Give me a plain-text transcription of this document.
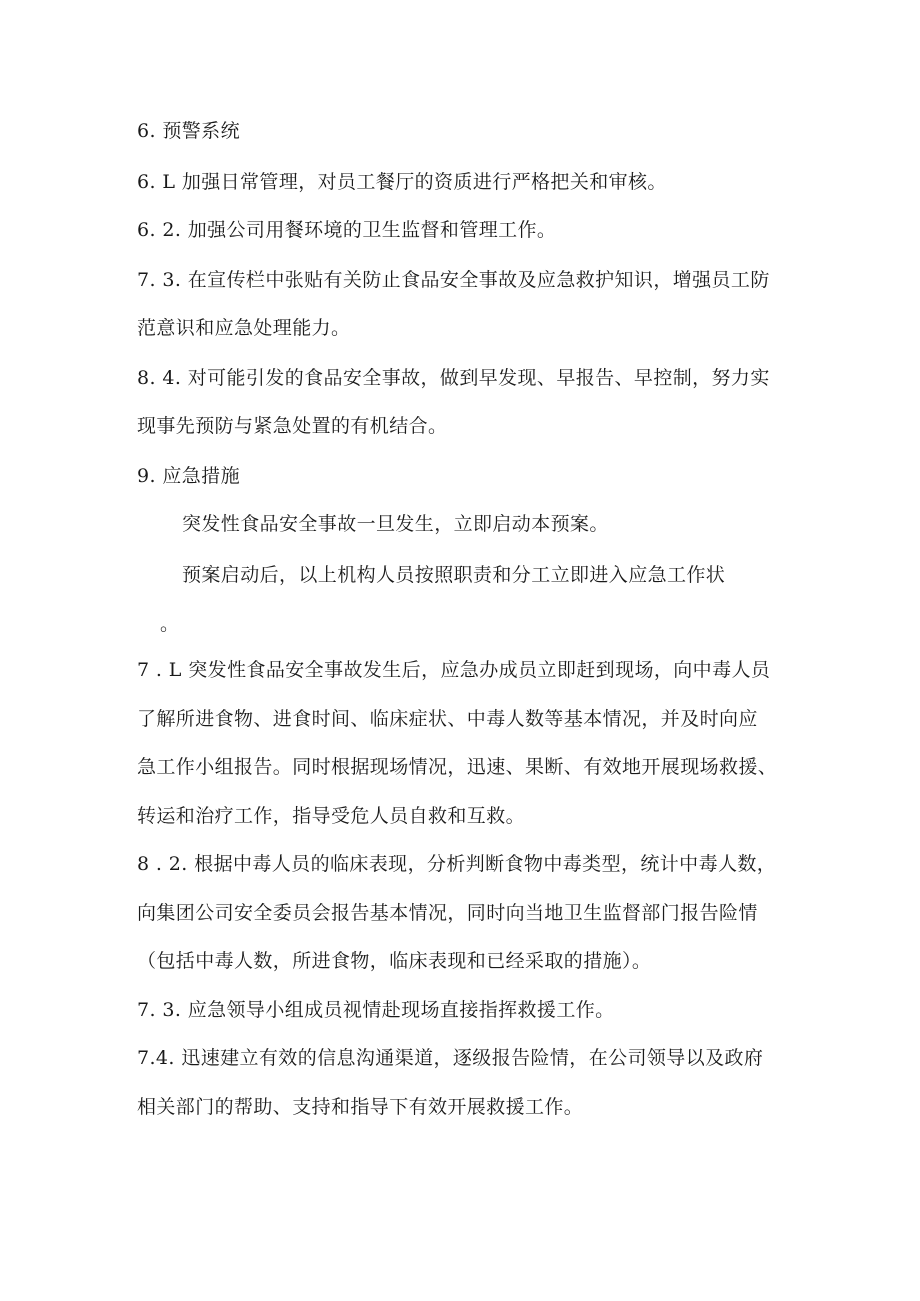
6. 预警系统
6. L 加强日常管理，对员工餐厅的资质进行严格把关和审核。
6. 2. 加强公司用餐环境的卫生监督和管理工作。
7. 3. 在宣传栏中张贴有关防止食品安全事故及应急救护知识，增强员工防
范意识和应急处理能力。
8. 4. 对可能引发的食品安全事故，做到早发现、早报告、早控制，努力实
现事先预防与紧急处置的有机结合。
9. 应急措施
突发性食品安全事故一旦发生，立即启动本预案。
预案启动后，以上机构人员按照职责和分工立即进入应急工作状
。
7 . L 突发性食品安全事故发生后，应急办成员立即赶到现场，向中毒人员
了解所进食物、进食时间、临床症状、中毒人数等基本情况，并及时向应
急工作小组报告。同时根据现场情况，迅速、果断、有效地开展现场救援、
转运和治疗工作，指导受危人员自救和互救。
8 . 2. 根据中毒人员的临床表现，分析判断食物中毒类型，统计中毒人数，
向集团公司安全委员会报告基本情况，同时向当地卫生监督部门报告险情
（包括中毒人数，所进食物，临床表现和已经采取的措施）。
7. 3. 应急领导小组成员视情赴现场直接指挥救援工作。
7.4. 迅速建立有效的信息沟通渠道，逐级报告险情，在公司领导以及政府
相关部门的帮助、支持和指导下有效开展救援工作。
